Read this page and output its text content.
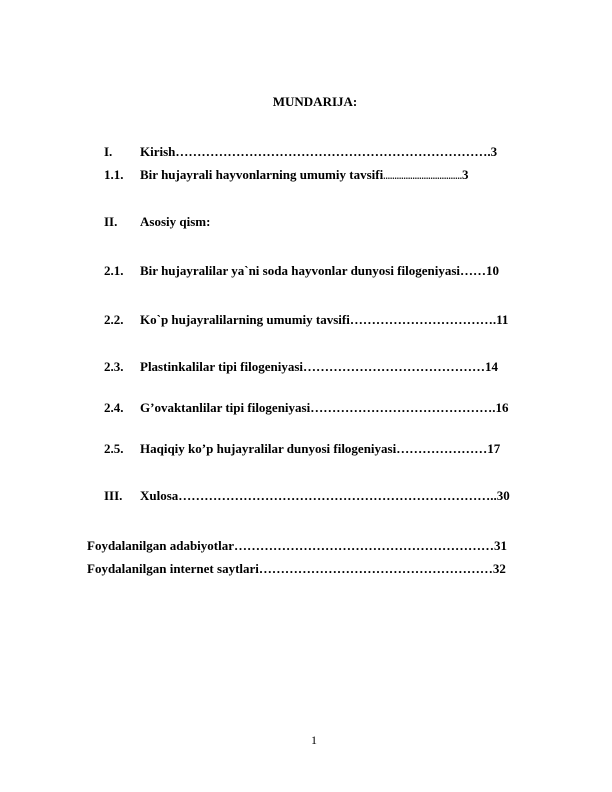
MUNDARIJA:
I. Kirish……………………………………………………………….3
1.1. Bir hujayrali hayvonlarning umumiy tavsifi...................................3
II. Asosiy qism:
2.1. Bir hujayralilar ya`ni soda hayvonlar dunyosi filogeniyasi……10
2.2. Ko`p hujayralilarning umumiy tavsifi…………………………….11
2.3. Plastinkalilar tipi filogeniyasi……………………………………14
2.4. G’ovaktanlilar tipi filogeniyasi…………………………………….16
2.5. Haqiqiy ko’p hujayralilar dunyosi filogeniyasi…………………17
III. Xulosa………………………………………………………………..30
Foydalanilgan adabiyotlar……………………………………………………31
Foydalanilgan internet saytlari………………………………………………32
1
